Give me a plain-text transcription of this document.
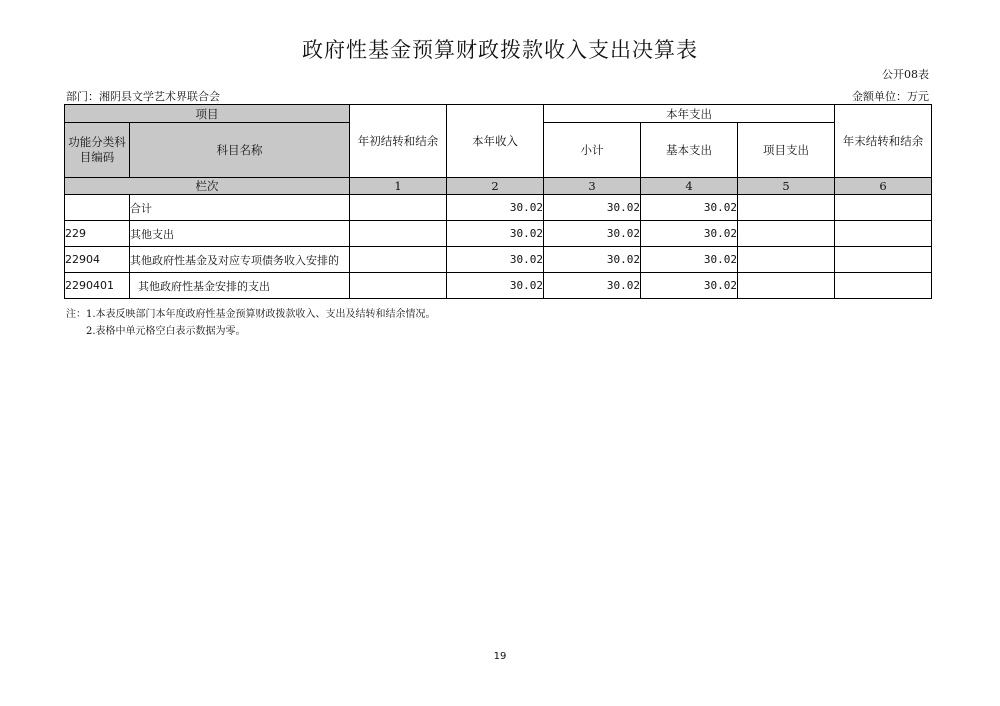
政府性基金预算财政拨款收入支出决算表
公开08表
部门：湘阴县文学艺术界联合会	金额单位：万元
项目		年初结转和结余	本年收入	本年支出			年末结转和结余
功能分类科目编码	科目名称			小计	基本支出	项目支出	
栏次		1	2	3	4	5	6
	合计		30.02	30.02	30.02		
229	其他支出		30.02	30.02	30.02		
22904	其他政府性基金及对应专项债务收入安排的		30.02	30.02	30.02		
2290401	其他政府性基金安排的支出		30.02	30.02	30.02		
注：1.本表反映部门本年度政府性基金预算财政拨款收入、支出及结转和结余情况。
2.表格中单元格空白表示数据为零。
19
